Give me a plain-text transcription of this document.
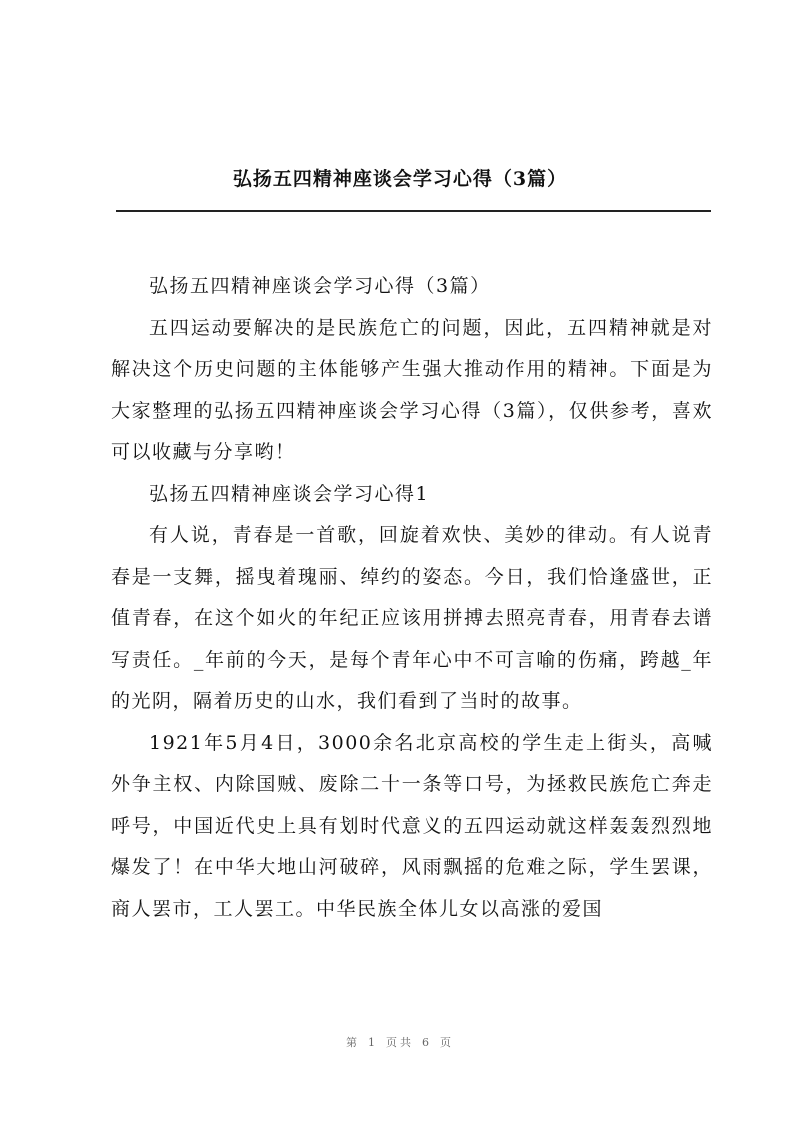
弘扬五四精神座谈会学习心得（3篇）

弘扬五四精神座谈会学习心得（3篇）

五四运动要解决的是民族危亡的问题，因此，五四精神就是对解决这个历史问题的主体能够产生强大推动作用的精神。下面是为大家整理的弘扬五四精神座谈会学习心得（3篇），仅供参考，喜欢可以收藏与分享哟！

弘扬五四精神座谈会学习心得1

有人说，青春是一首歌，回旋着欢快、美妙的律动。有人说青春是一支舞，摇曳着瑰丽、绰约的姿态。今日，我们恰逢盛世，正值青春，在这个如火的年纪正应该用拼搏去照亮青春，用青春去谱写责任。_年前的今天，是每个青年心中不可言喻的伤痛，跨越_年的光阴，隔着历史的山水，我们看到了当时的故事。

1921年5月4日，3000余名北京高校的学生走上街头，高喊外争主权、内除国贼、废除二十一条等口号，为拯救民族危亡奔走呼号，中国近代史上具有划时代意义的五四运动就这样轰轰烈烈地爆发了！在中华大地山河破碎，风雨飘摇的危难之际，学生罢课，商人罢市，工人罢工。中华民族全体儿女以高涨的爱国

第 1 页共 6 页
